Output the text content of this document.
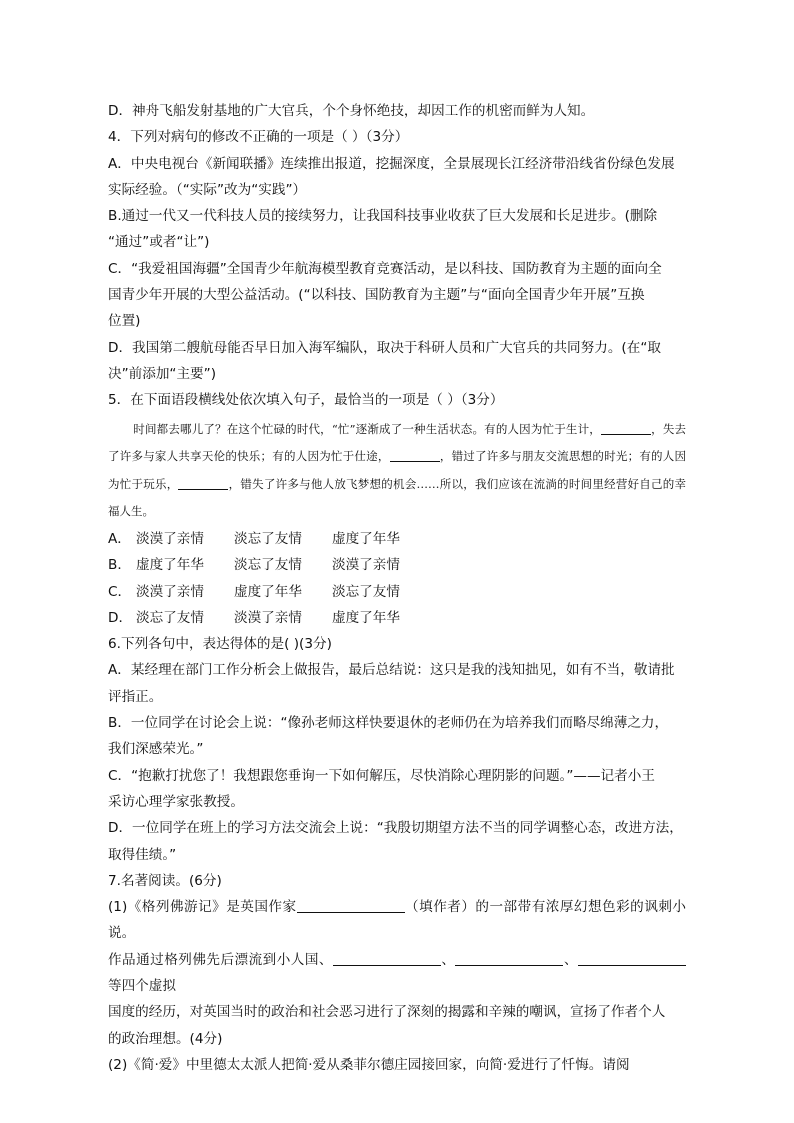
D．神舟飞船发射基地的广大官兵，个个身怀绝技，却因工作的机密而鲜为人知。

4．下列对病句的修改不正确的一项是（ ）（3分）

A．中央电视台《新闻联播》连续推出报道，挖掘深度，全景展现长江经济带沿线省份绿色发展

实际经验。（“实际”改为“实践”）

B.通过一代又一代科技人员的接续努力，让我国科技事业收获了巨大发展和长足进步。(删除

“通过”或者“让”)

C．“我爱祖国海疆”全国青少年航海模型教育竞赛活动，是以科技、国防教育为主题的面向全

国青少年开展的大型公益活动。(“以科技、国防教育为主题”与“面向全国青少年开展”互换

位置)

D．我国第二艘航母能否早日加入海军编队，取决于科研人员和广大官兵的共同努力。(在“取

决”前添加“主要”)

5．在下面语段横线处依次填入句子，最恰当的一项是（ ）（3分）

时间都去哪儿了？在这个忙碌的时代，“忙”逐渐成了一种生活状态。有的人因为忙于生计，	，失去了许多与家人共享天伦的快乐；有的人因为忙于仕途，	，错过了许多与朋友交流思想的时光；有的人因为忙于玩乐，	，错失了许多与他人放飞梦想的机会……所以，我们应该在流淌的时间里经营好自己的幸福人生。

A． 淡漠了亲情	淡忘了友情	虚度了年华
B． 虚度了年华	淡忘了友情	淡漠了亲情
C． 淡漠了亲情	虚度了年华	淡忘了友情
D． 淡忘了友情	淡漠了亲情	虚度了年华

6.下列各句中，表达得体的是( )(3分)

A．某经理在部门工作分析会上做报告，最后总结说：这只是我的浅知拙见，如有不当，敬请批

评指正。

B．一位同学在讨论会上说：“像孙老师这样快要退休的老师仍在为培养我们而略尽绵薄之力，

我们深感荣光。”

C．“抱歉打扰您了！我想跟您垂询一下如何解压，尽快消除心理阴影的问题。”——记者小王

采访心理学家张教授。

D．一位同学在班上的学习方法交流会上说：“我殷切期望方法不当的同学调整心态，改进方法，

取得佳绩。”

7.名著阅读。(6分)

(1)《格列佛游记》是英国作家	（填作者）的一部带有浓厚幻想色彩的讽刺小说。

作品通过格列佛先后漂流到小人国、	、	、等四个虚拟

国度的经历，对英国当时的政治和社会恶习进行了深刻的揭露和辛辣的嘲讽，宣扬了作者个人

的政治理想。(4分)

(2)《简·爱》中里德太太派人把简·爱从桑菲尔德庄园接回家，向简·爱进行了忏悔。请阅
